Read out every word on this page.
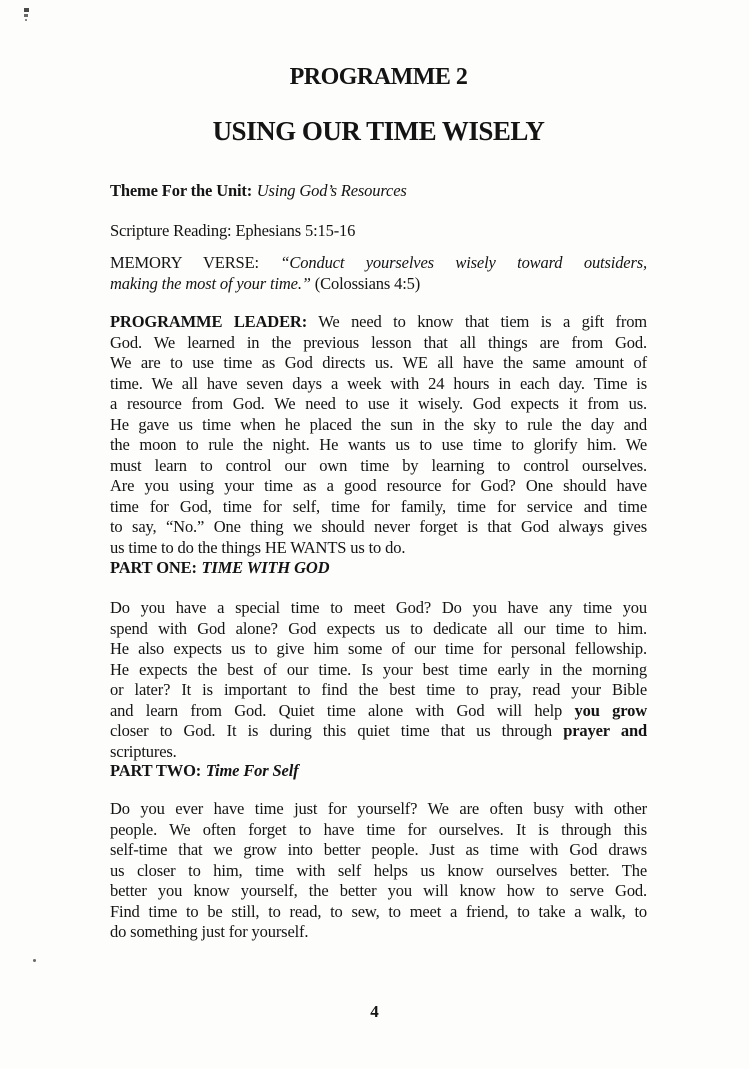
PROGRAMME 2
USING OUR TIME WISELY
Theme For the Unit: Using God’s Resources
Scripture Reading: Ephesians 5:15-16
MEMORY VERSE: “Conduct yourselves wisely toward outsiders,
making the most of your time.” (Colossians 4:5)
PROGRAMME LEADER: We need to know that tiem is a gift from
God. We learned in the previous lesson that all things are from God.
We are to use time as God directs us. WE all have the same amount of
time. We all have seven days a week with 24 hours in each day. Time is
a resource from God. We need to use it wisely. God expects it from us.
He gave us time when he placed the sun in the sky to rule the day and
the moon to rule the night. He wants us to use time to glorify him. We
must learn to control our own time by learning to control ourselves.
Are you using your time as a good resource for God? One should have
time for God, time for self, time for family, time for service and time
to say, “No.” One thing we should never forget is that God always gives
us time to do the things HE WANTS us to do.
PART ONE: TIME WITH GOD
Do you have a special time to meet God? Do you have any time you
spend with God alone? God expects us to dedicate all our time to him.
He also expects us to give him some of our time for personal fellowship.
He expects the best of our time. Is your best time early in the morning
or later? It is important to find the best time to pray, read your Bible
and learn from God. Quiet time alone with God will help you grow
closer to God. It is during this quiet time that us through prayer and
scriptures.
PART TWO: Time For Self
Do you ever have time just for yourself? We are often busy with other
people. We often forget to have time for ourselves. It is through this
self-time that we grow into better people. Just as time with God draws
us closer to him, time with self helps us know ourselves better. The
better you know yourself, the better you will know how to serve God.
Find time to be still, to read, to sew, to meet a friend, to take a walk, to
do something just for yourself.
4
